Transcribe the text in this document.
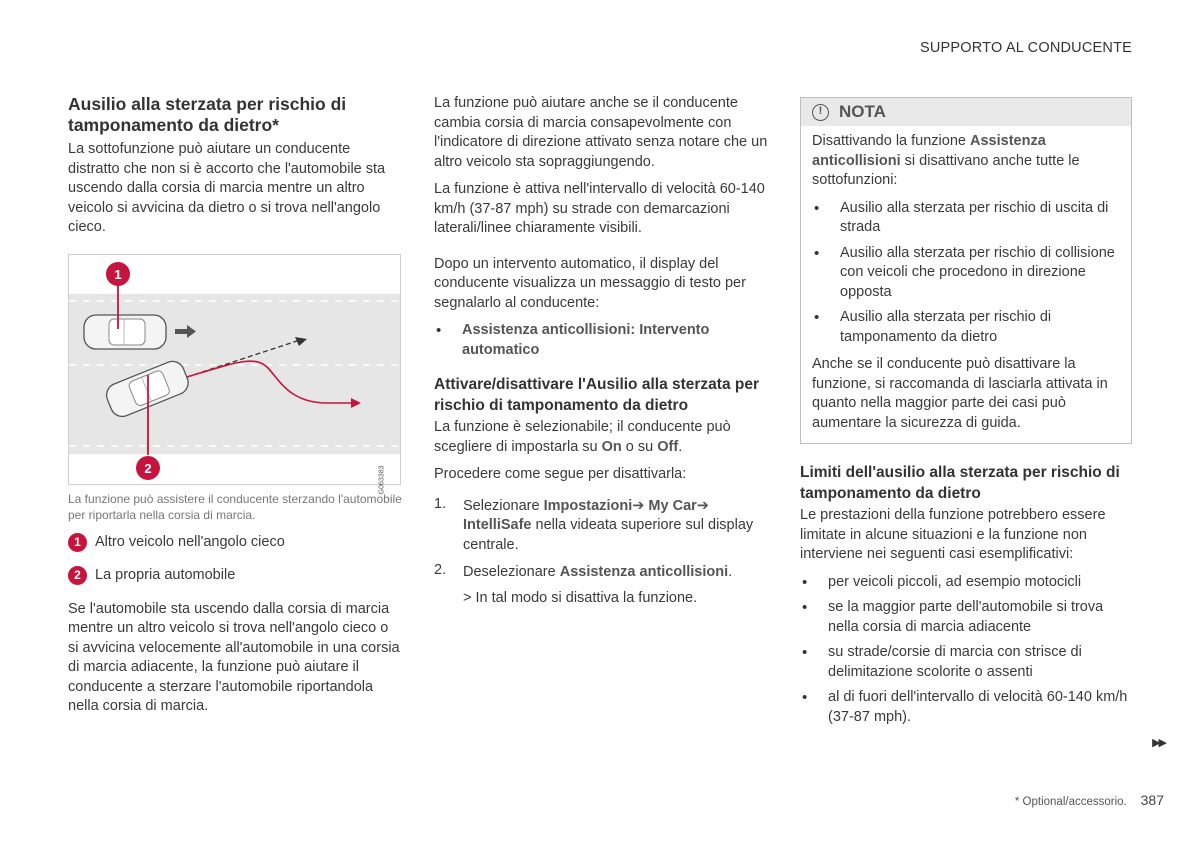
SUPPORTO AL CONDUCENTE
Ausilio alla sterzata per rischio di tamponamento da dietro*

La sottofunzione può aiutare un conducente distratto che non si è accorto che l'automobile sta uscendo dalla corsia di marcia mentre un altro veicolo si avvicina da dietro o si trova nell'angolo cieco.

1
2	G063383

La funzione può assistere il conducente sterzando l'automobile per riportarla nella corsia di marcia.

1 Altro veicolo nell'angolo cieco
2 La propria automobile

Se l'automobile sta uscendo dalla corsia di marcia mentre un altro veicolo si trova nell'angolo cieco o si avvicina velocemente all'automobile in una corsia di marcia adiacente, la funzione può aiutare il conducente a sterzare l'automobile riportandola nella corsia di marcia.

La funzione può aiutare anche se il conducente cambia corsia di marcia consapevolmente con l'indicatore di direzione attivato senza notare che un altro veicolo sta sopraggiungendo.

La funzione è attiva nell'intervallo di velocità 60-140 km/h (37-87 mph) su strade con demarcazioni laterali/linee chiaramente visibili.

Dopo un intervento automatico, il display del conducente visualizza un messaggio di testo per segnalarlo al conducente:

• Assistenza anticollisioni: Intervento automatico
Attivare/disattivare l'Ausilio alla sterzata per rischio di tamponamento da dietro

La funzione è selezionabile; il conducente può scegliere di impostarla su On o su Off.

Procedere come segue per disattivarla:

1. Selezionare Impostazioni➔ My Car➔ IntelliSafe nella videata superiore sul display centrale.
2. Deselezionare Assistenza anticollisioni.

> In tal modo si disattiva la funzione.

! NOTA

Disattivando la funzione Assistenza anticollisioni si disattivano anche tutte le sottofunzioni:

• Ausilio alla sterzata per rischio di uscita di strada
• Ausilio alla sterzata per rischio di collisione con veicoli che procedono in direzione opposta
• Ausilio alla sterzata per rischio di tamponamento da dietro

Anche se il conducente può disattivare la funzione, si raccomanda di lasciarla attivata in quanto nella maggior parte dei casi può aumentare la sicurezza di guida.

Limiti dell'ausilio alla sterzata per rischio di tamponamento da dietro

Le prestazioni della funzione potrebbero essere limitate in alcune situazioni e la funzione non interviene nei seguenti casi esemplificativi:

• per veicoli piccoli, ad esempio motocicli
• se la maggior parte dell'automobile si trova nella corsia di marcia adiacente
• su strade/corsie di marcia con strisce di delimitazione scolorite o assenti
• al di fuori dell'intervallo di velocità 60-140 km/h (37-87 mph).
▶▶
* Optional/accessorio. 387
